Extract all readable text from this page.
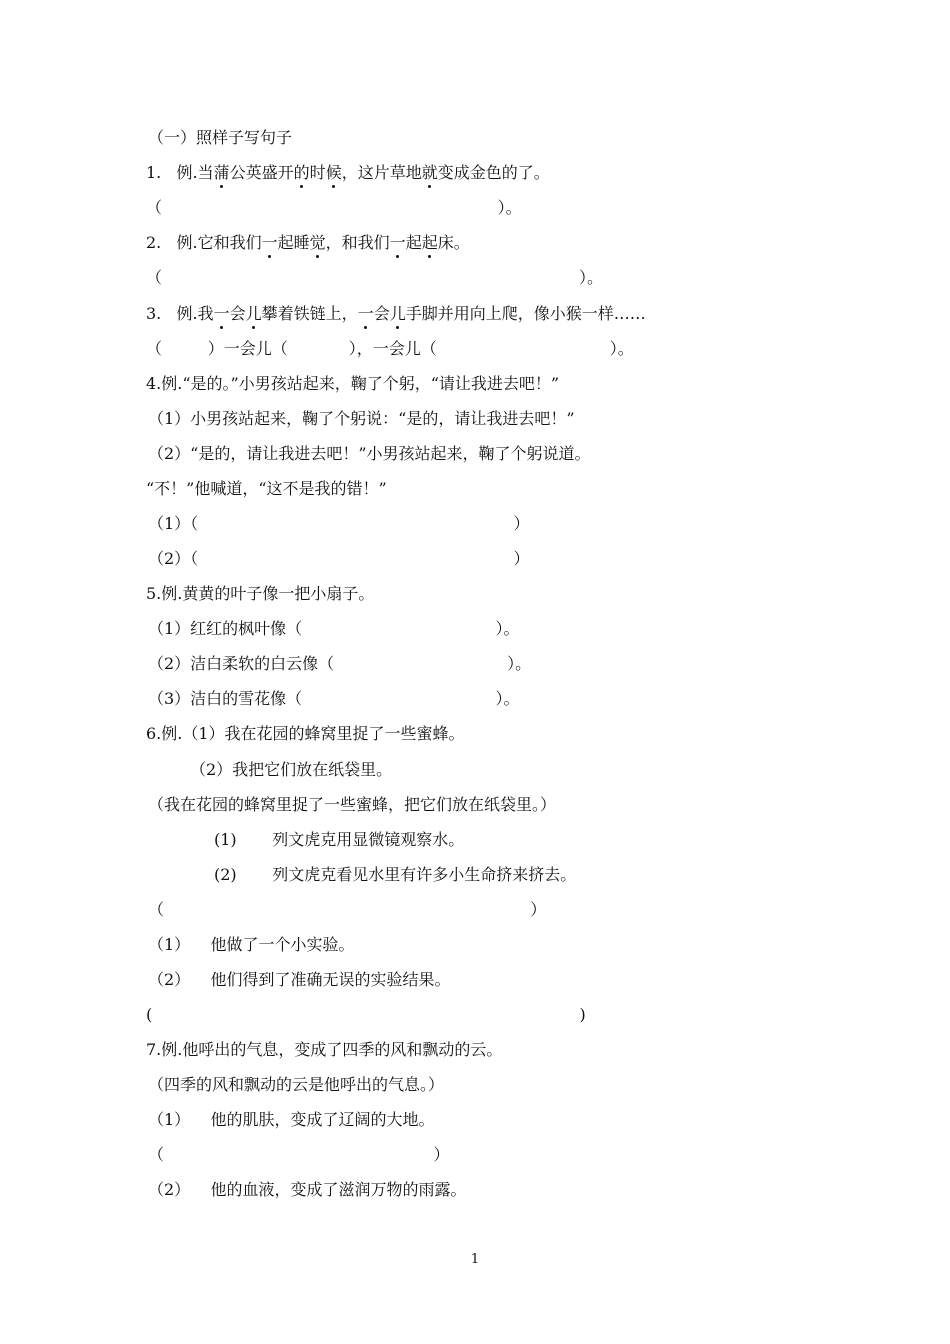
（一）照样子写句子
1.   例.当蒲公英盛开的时候，这片草地就变成金色的了。
（                                                                  ）。
2.   例.它和我们一起睡觉，和我们一起起床。
（                                                                                  ）。
3.   例.我一会儿攀着铁链上，一会儿手脚并用向上爬，像小猴一样……
（         ）一会儿（            ），一会儿（                                  ）。
4.例.“是的。”小男孩站起来，鞠了个躬，“请让我进去吧！”
（1）小男孩站起来，鞠了个躬说：“是的，请让我进去吧！”
（2）“是的，请让我进去吧！”小男孩站起来，鞠了个躬说道。
“不！”他喊道，“这不是我的错！”
（1）（                                                              ）
（2）（                                                              ）
5.例.黄黄的叶子像一把小扇子。
（1）红红的枫叶像（                                      ）。
（2）洁白柔软的白云像（                                  ）。
（3）洁白的雪花像（                                      ）。
6.例.（1）我在花园的蜂窝里捉了一些蜜蜂。
（2）我把它们放在纸袋里。
（我在花园的蜂窝里捉了一些蜜蜂，把它们放在纸袋里。）
(1)       列文虎克用显微镜观察水。
(2)       列文虎克看见水里有许多小生命挤来挤去。
（                                                                        ）
（1）    他做了一个小实验。
（2）    他们得到了准确无误的实验结果。
(                                                                                    )
7.例.他呼出的气息，变成了四季的风和飘动的云。
（四季的风和飘动的云是他呼出的气息。）
（1）    他的肌肤，变成了辽阔的大地。
（                                                     ）
（2）    他的血液，变成了滋润万物的雨露。
1
